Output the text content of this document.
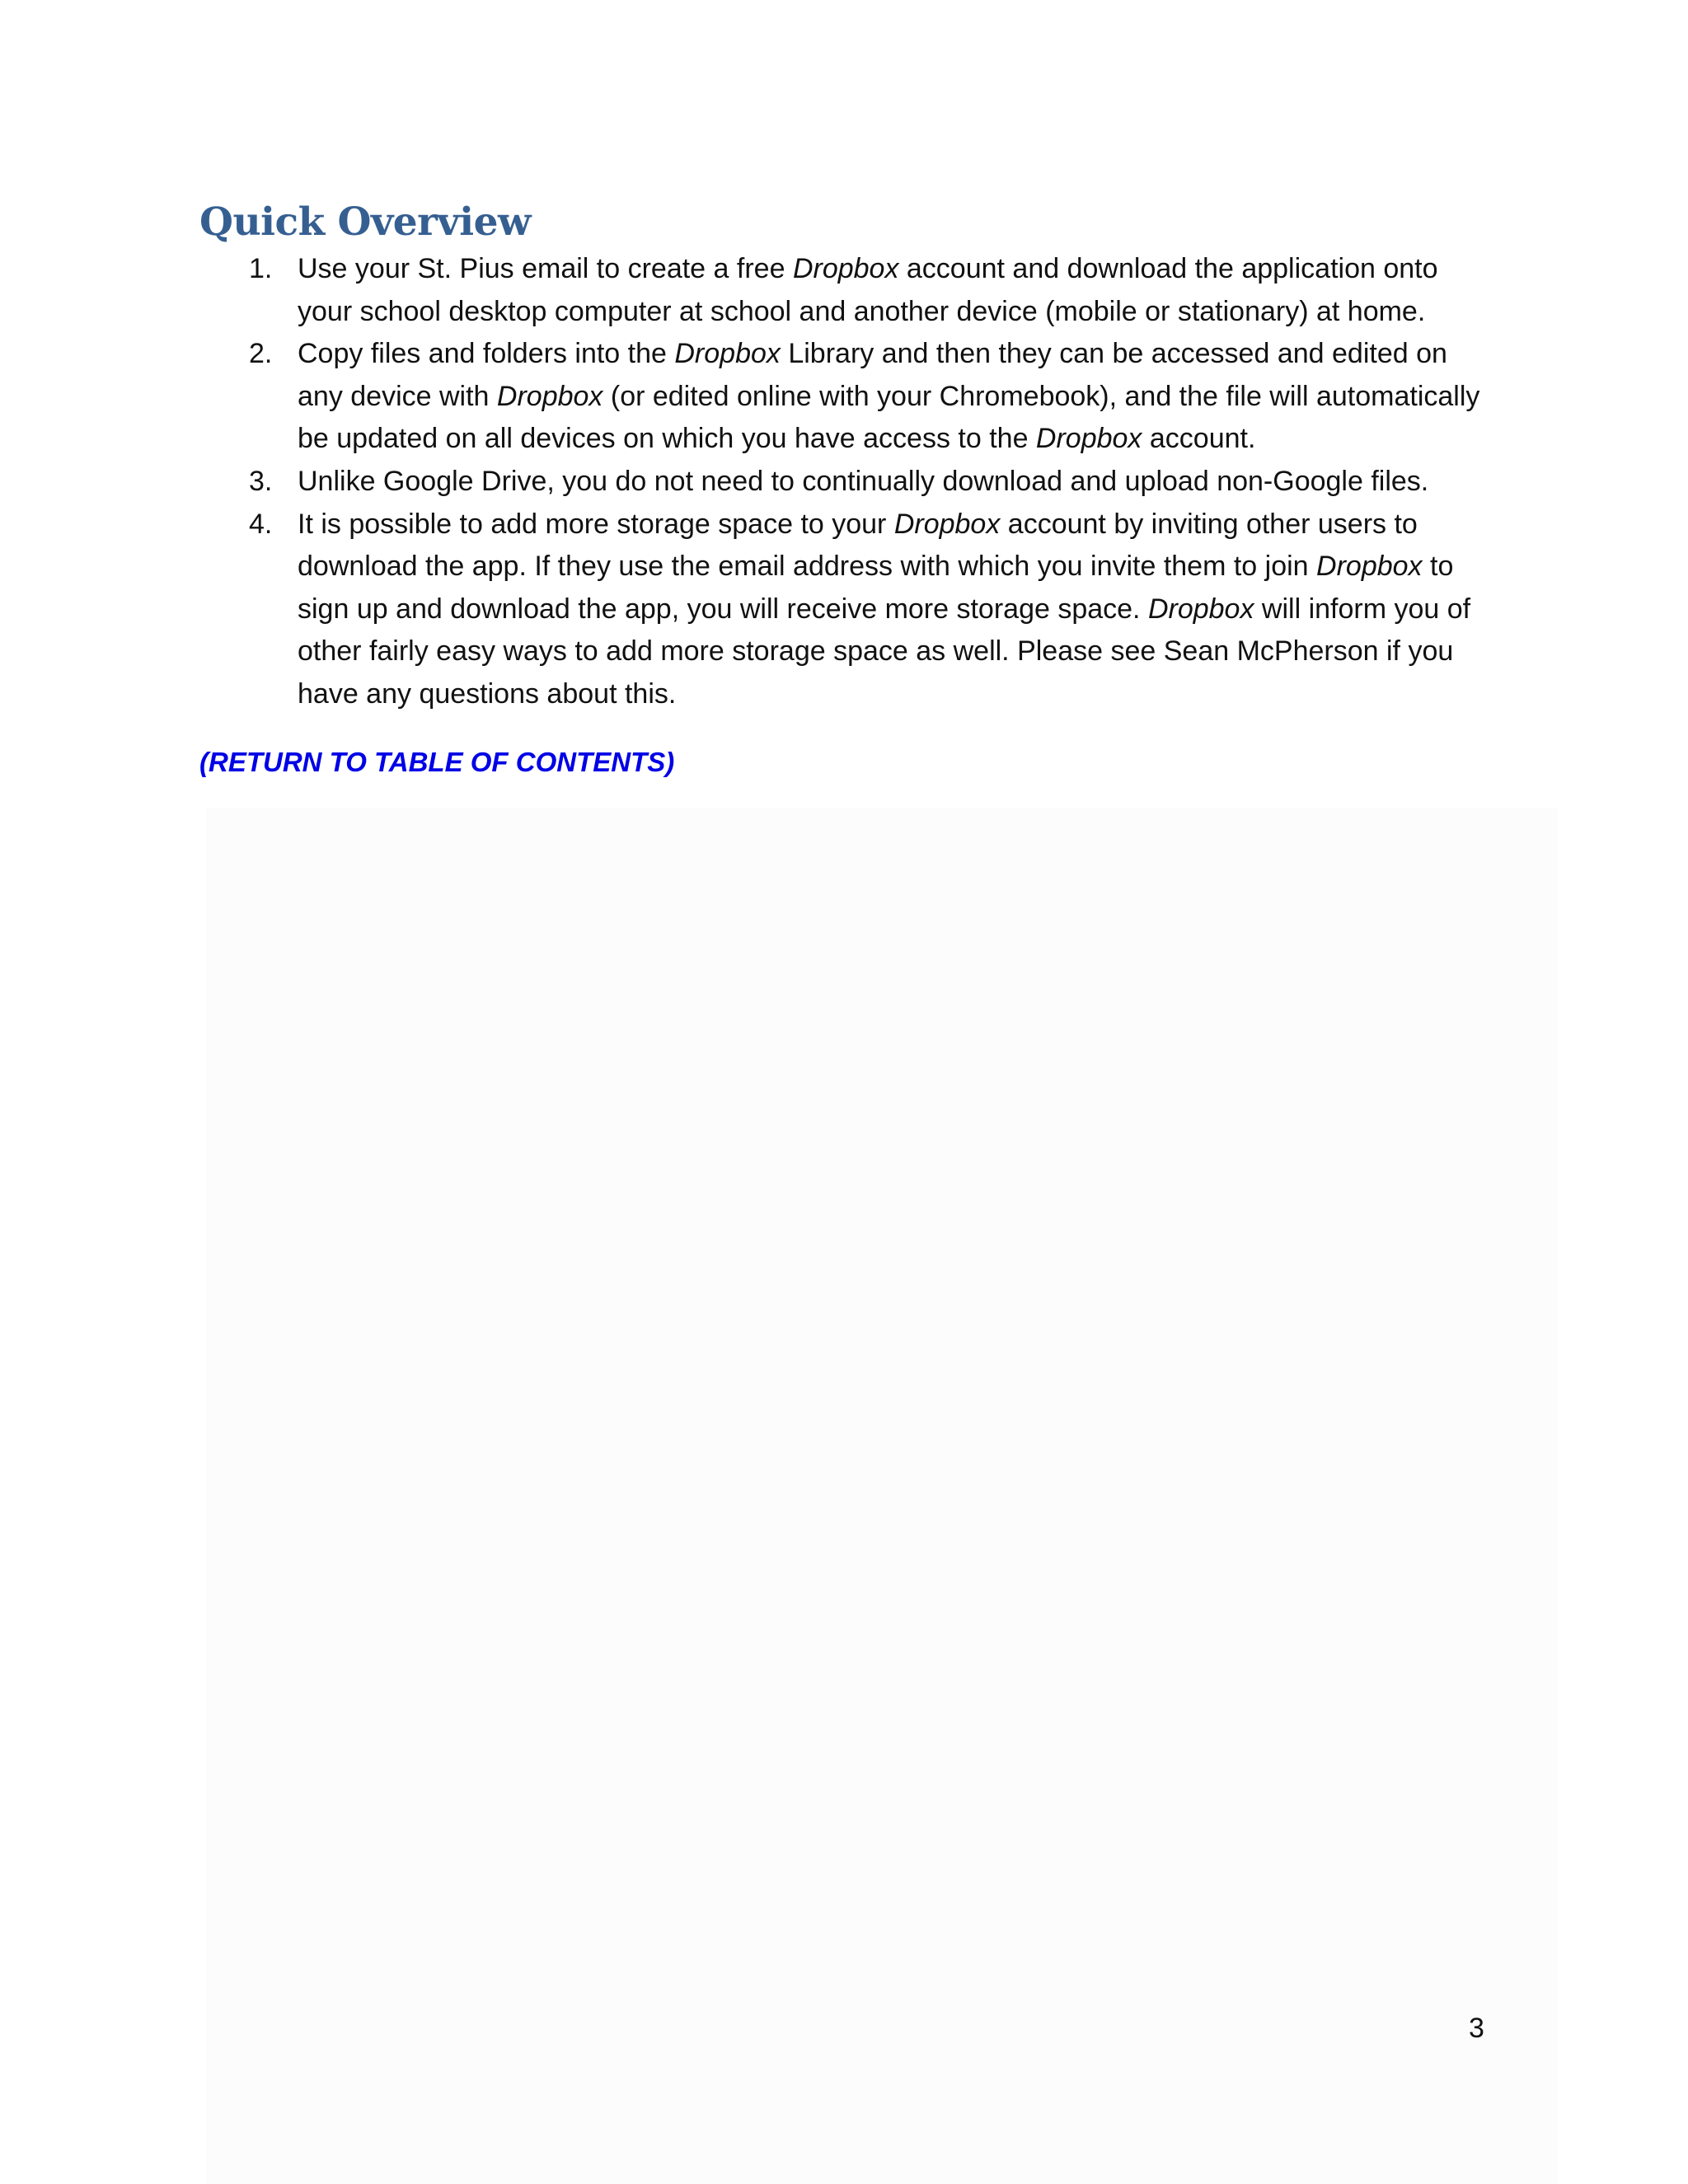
Quick Overview
1. Use your St. Pius email to create a free Dropbox account and download the application onto your school desktop computer at school and another device (mobile or stationary) at home.
2. Copy files and folders into the Dropbox Library and then they can be accessed and edited on any device with Dropbox (or edited online with your Chromebook), and the file will automatically be updated on all devices on which you have access to the Dropbox account.
3. Unlike Google Drive, you do not need to continually download and upload non-Google files.
4. It is possible to add more storage space to your Dropbox account by inviting other users to download the app. If they use the email address with which you invite them to join Dropbox to sign up and download the app, you will receive more storage space. Dropbox will inform you of other fairly easy ways to add more storage space as well. Please see Sean McPherson if you have any questions about this.
(RETURN TO TABLE OF CONTENTS)
3
